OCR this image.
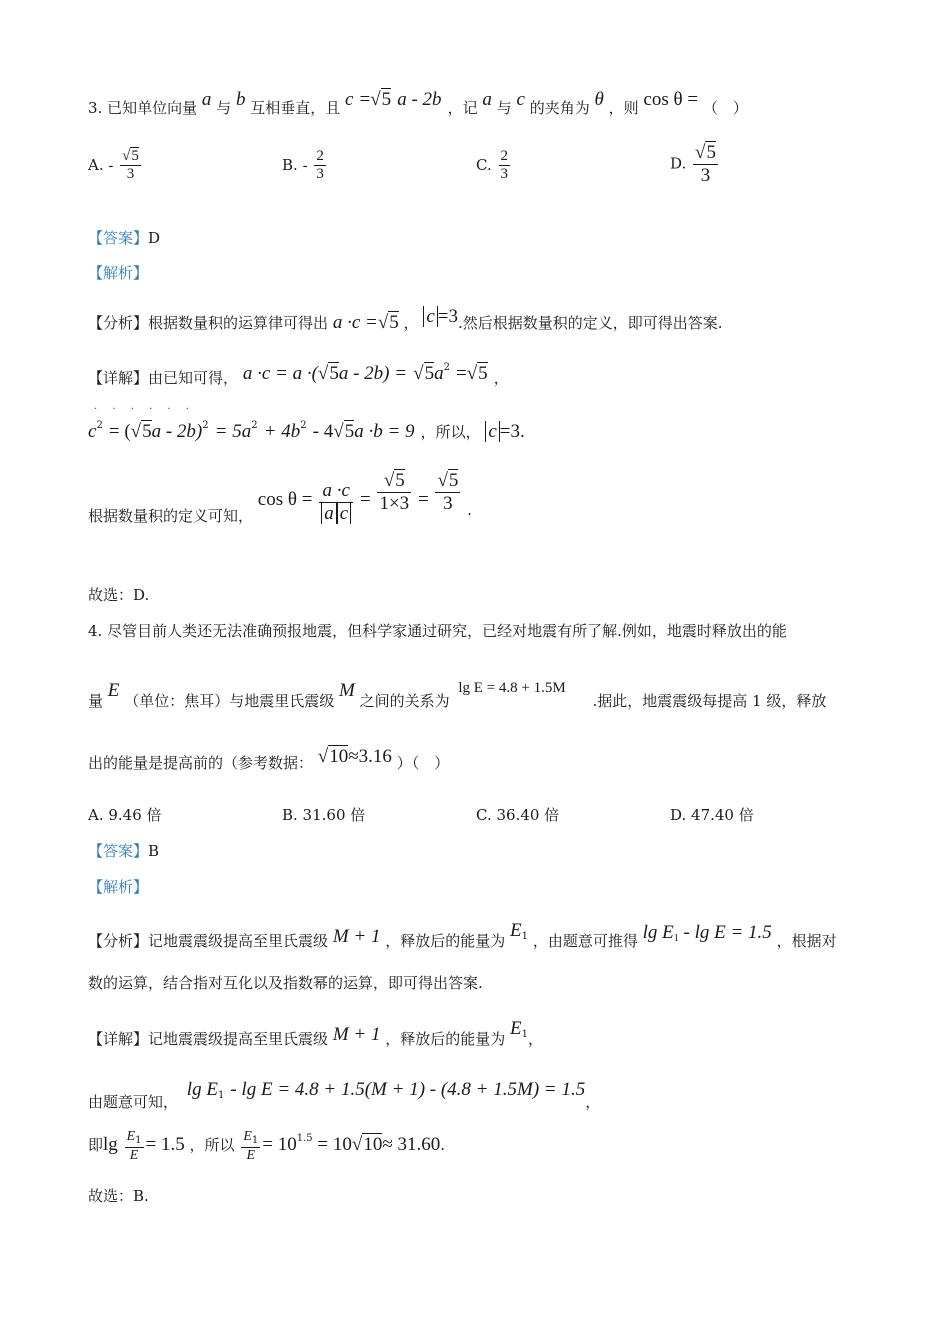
3. 已知单位向量 a 与 b 互相垂直，且 c =√5 a - 2b ，记 a 与 c 的夹角为 θ ，则 cos θ = （　）
A. - $\frac{√5}{3}$	B. - $\frac{2}{3}$	C. $\frac{2}{3}$	D. $\frac{√5}{3}$
【答案】D
【解析】
【分析】根据数量积的运算律可得出 a ·c =√5 ， c =3.然后根据数量积的定义，即可得出答案.
【详解】由已知可得， $a \cdot c = a \cdot(√5a - 2b) = √5a^2 =√5$ ，
· · · · · ·
$c^2 = (√5a - 2b)^2 = 5a^2 + 4b^2 - 4√5a \cdot b = 9$ ，所以， c =3.
根据数量积的定义可知， $\cos \theta = \frac{a \cdot c}{\text{a c}} = \frac{√5}{1\times 3} = \frac{√5}{3}$ .
故选：D.
4. 尽管目前人类还无法准确预报地震，但科学家通过研究，已经对地震有所了解.例如，地震时释放出的能
量 E （单位：焦耳）与地震里氏震级 M 之间的关系为 lg E = 4.8 + 1.5M .据此，地震震级每提高 1 级，释放
出的能量是提高前的（参考数据： √10≈3.16 ）（　）
A. 9.46 倍	B. 31.60 倍	C. 36.40 倍	D. 47.40 倍
【答案】B
【解析】
【分析】记地震震级提高至里氏震级 M + 1 ，释放后的能量为 $E_1$ ，由题意可推得 $\lg E_1 - \lg E = 1.5$ ，根据对
数的运算，结合指对互化以及指数幂的运算，即可得出答案.
【详解】记地震震级提高至里氏震级 M + 1 ，释放后的能量为 $E_1$，
由题意可知， $\lg E_1 - \lg E = 4.8 + 1.5(M + 1) - (4.8 + 1.5M) = 1.5$，
即$\lg \frac{E_1}{E} = 1.5$ ，所以 $\frac{E_1}{E} = 10^{1.5} = 10√10\approx 31.60$.
故选：B.
